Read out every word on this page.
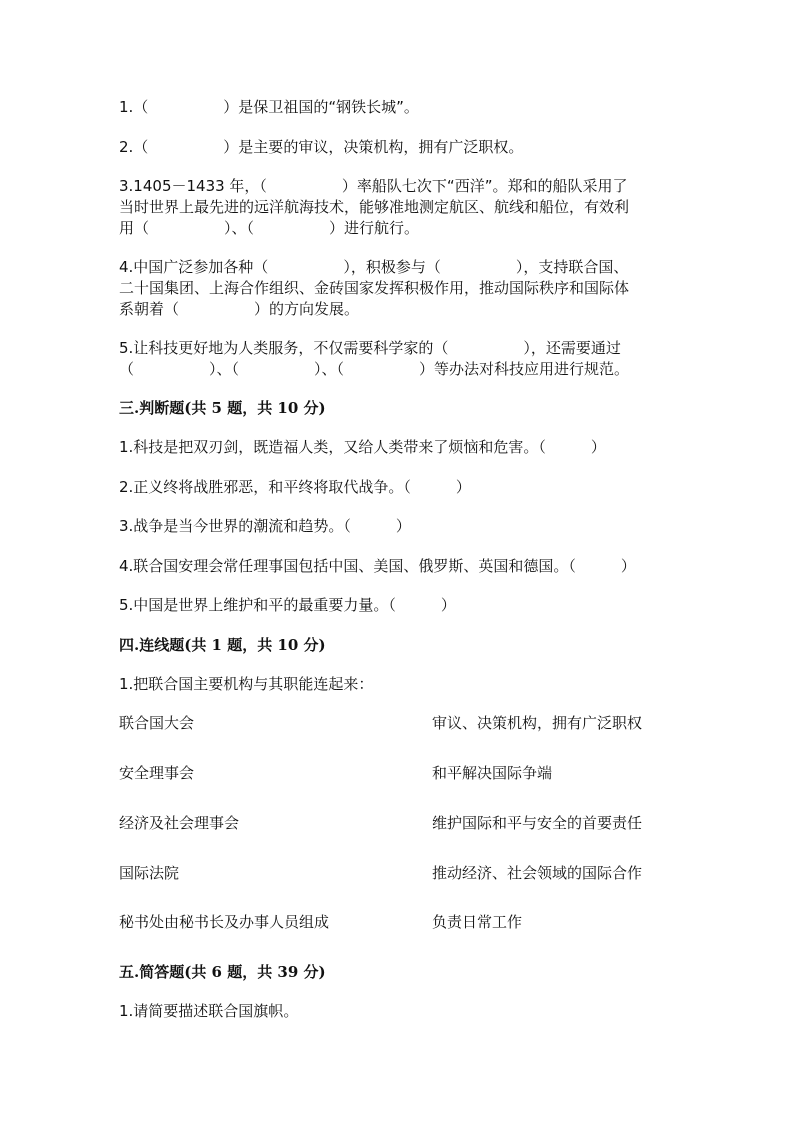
1.（　　　　　）是保卫祖国的“钢铁长城”。

2.（　　　　　）是主要的审议，决策机构，拥有广泛职权。

3.1405－1433 年，（　　　　　）率船队七次下“西洋”。郑和的船队采用了

当时世界上最先进的远洋航海技术，能够准地测定航区、航线和船位，有效利

用（　　　　　）、（　　　　　）进行航行。

4.中国广泛参加各种（　　　　　），积极参与（　　　　　），支持联合国、

二十国集团、上海合作组织、金砖国家发挥积极作用，推动国际秩序和国际体

系朝着（　　　　　）的方向发展。

5.让科技更好地为人类服务，不仅需要科学家的（　　　　　），还需要通过

（　　　　　）、（　　　　　）、（　　　　　）等办法对科技应用进行规范。

三.判断题(共 5 题，共 10 分)

1.科技是把双刃剑，既造福人类，又给人类带来了烦恼和危害。（　　　）

2.正义终将战胜邪恶，和平终将取代战争。（　　　）

3.战争是当今世界的潮流和趋势。（　　　）

4.联合国安理会常任理事国包括中国、美国、俄罗斯、英国和德国。（　　　）

5.中国是世界上维护和平的最重要力量。（　　　）

四.连线题(共 1 题，共 10 分)

1.把联合国主要机构与其职能连起来：

联合国大会	审议、决策机构，拥有广泛职权

安全理事会	和平解决国际争端

经济及社会理事会	维护国际和平与安全的首要责任

国际法院	推动经济、社会领域的国际合作

秘书处由秘书长及办事人员组成	负责日常工作

五.简答题(共 6 题，共 39 分)

1.请简要描述联合国旗帜。
